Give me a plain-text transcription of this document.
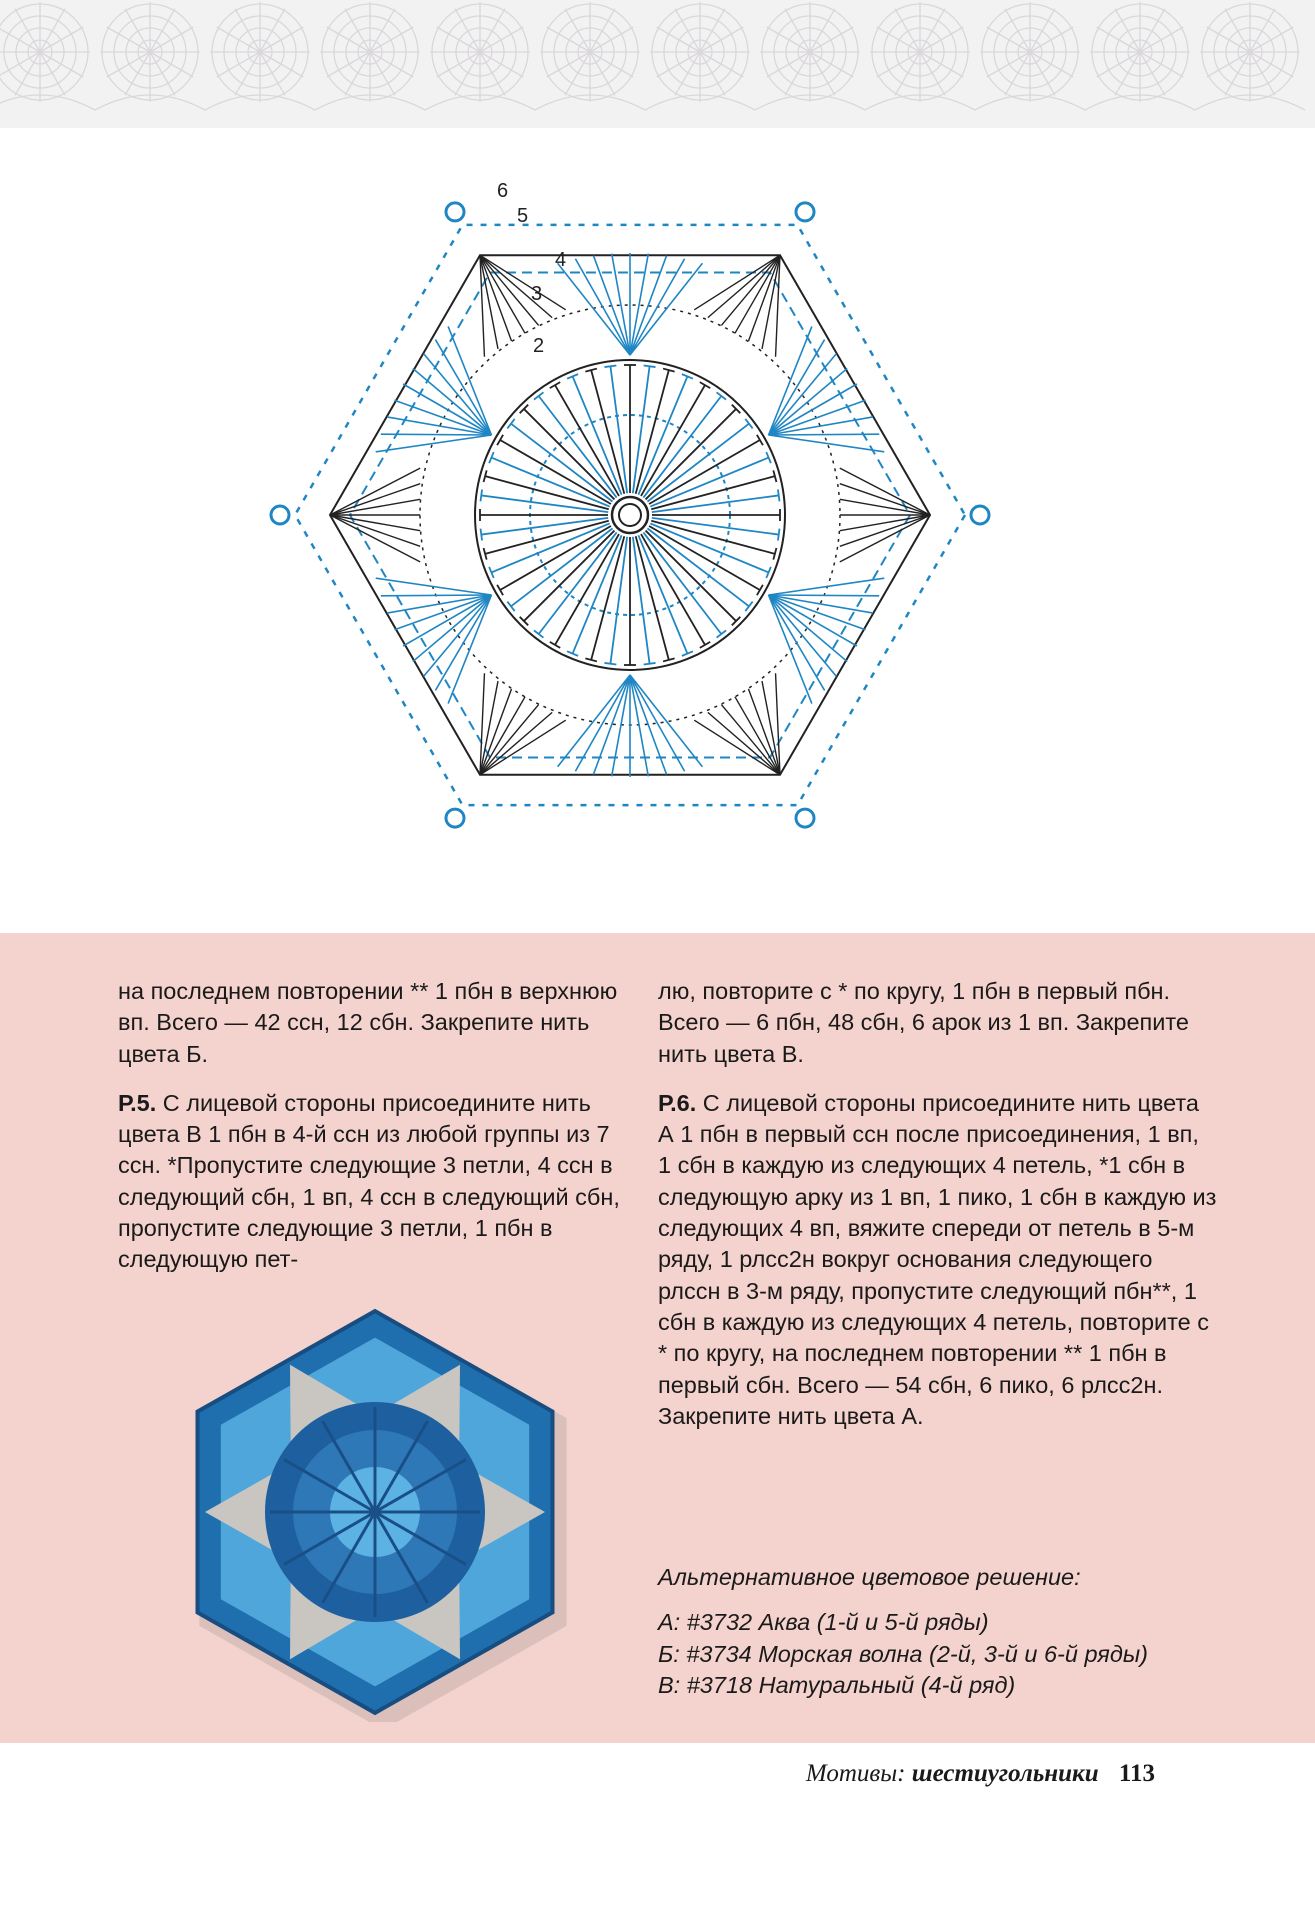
6
5
4
3
2

на последнем повторении ** 1 пбн в верхнюю вп. Всего — 42 ссн, 12 сбн. Закрепите нить цвета Б.

Р.5. С лицевой стороны присоедините нить цвета В 1 пбн в 4-й ссн из любой группы из 7 ссн. *Пропустите следующие 3 петли, 4 ссн в следующий сбн, 1 вп, 4 ссн в следующий сбн, пропустите следующие 3 петли, 1 пбн в следующую пет-

лю, повторите с * по кругу, 1 пбн в первый пбн. Всего — 6 пбн, 48 сбн, 6 арок из 1 вп. Закрепите нить цвета В.

Р.6. С лицевой стороны присоедините нить цвета А 1 пбн в первый ссн после присоединения, 1 вп, 1 сбн в каждую из следующих 4 петель, *1 сбн в следующую арку из 1 вп, 1 пико, 1 сбн в каждую из следующих 4 вп, вяжите спереди от петель в 5-м ряду, 1 рлсс2н вокруг основания следующего рлссн в 3-м ряду, пропустите следующий пбн**, 1 сбн в каждую из следующих 4 петель, повторите с * по кругу, на последнем повторении ** 1 пбн в первый сбн. Всего — 54 сбн, 6 пико, 6 рлсс2н. Закрепите нить цвета А.

Альтернативное цветовое решение:
А: #3732 Аква (1-й и 5-й ряды)
Б: #3734 Морская волна (2-й, 3-й и 6-й ряды)
В: #3718 Натуральный (4-й ряд)
Мотивы: шестиугольники 113
